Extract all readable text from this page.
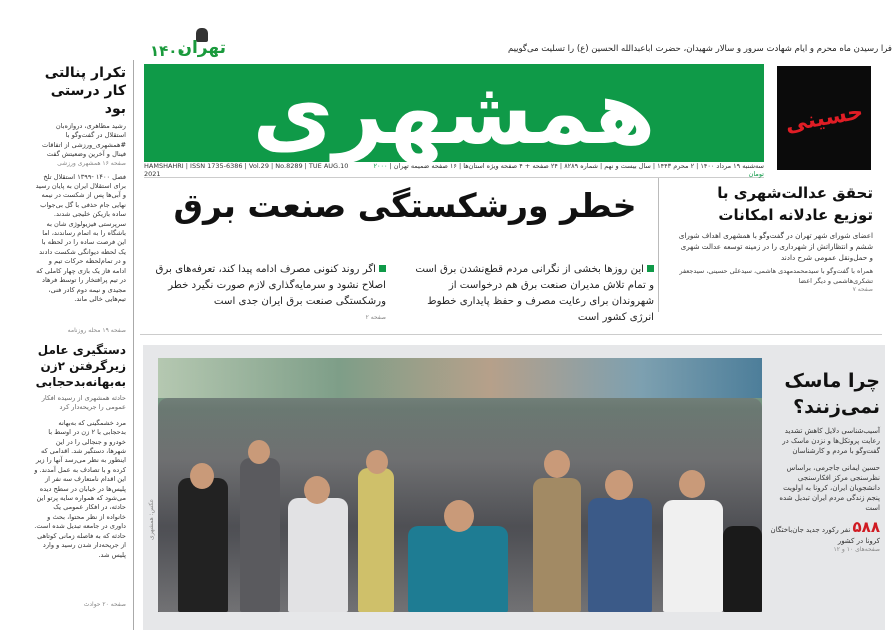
فرا رسیدن ماه محرم و ایام شهادت سرور و سالار شهیدان، حضرت اباعبدالله الحسین (ع) را تسلیت می‌گوییم
تهران
۱۴۰۰
همشهری	حسینی
HAMSHAHRI | ISSN 1735-6386 | Vol.29 | No.8289 | TUE AUG.10 2021
سه‌شنبه ۱۹ مرداد ۱۴۰۰ | ۲ محرم ۱۴۴۳ | سال بیست و نهم | شماره ۸۲۸۹ | ۲۴ صفحه + ۴ صفحه ویژه استان‌ها | ۱۶ صفحه ضمیمه تهران | ۲۰۰۰ تومان
تکرار پنالتی کار درستی بود
رشید مظاهری، دروازه‌بان استقلال در گفت‌وگو با #همشهری_ورزشی از اتفاقات فینال و آخرین وضعیتش گفت
صفحه ۱۶ همشهری ورزشی
فصل ۱۴۰۰ -۱۳۹۹ استقلال تلخ برای استقلال ایران به پایان رسید و آبی‌ها پس از شکست در نیمه نهایی جام حذفی با گل بی‌جواب ساده بازیکن خلیجی شدند. سرپرستی فیزیولوژی شان به باشگاه را به اتمام رساندند، اما این فرصت ساده را در لحظه با یک لحظه دیوانگی شکست دادند و در تمام‌لحظه حرکات تیم و ادامه فاز یک بازی چهار کاملی که در تیم پرافتخار را توسط فرهاد مجیدی و نیمه دوم کادر فنی، تیم‌هایی خالی ماند.
صفحه ۱۹ محله روزنامه
دستگیری عامل زیرگرفتن ۲زن به‌بهانه‌بدحجابی
حادثه همشهری از رسیده افکار عمومی را جریحه‌دار کرد
مرد خشمگینی که به‌بهانه بدحجابی با ۲ زن در اوسط با خودرو و جنجالی را در این شهرها، دستگیر شد. اقدامی که اینطور به نظر می‌رسد آنها را زیر کرده و با تصادف به عمل آمدند. و این اقدام نامتعارف سه نفر از پلیس‌ها در خیابان در سطح دیده می‌شود که همواره سایه پرتو این حادثه، در افکار عمومی یک خانواده از نظر محتوا، بحث و داوری در جامعه تبدیل شده است. حادثه که به فاصله زمانی کوتاهی از جریحه‌دار شدن رسید و وارد پلیس شد.
صفحه ۲۰ حوادث
خطر ورشکستگی صنعت برق
این روزها بخشی از نگرانی مردم قطع‌نشدن برق است و تمام تلاش مدیران صنعت برق هم درخواست از شهروندان برای رعایت مصرف و حفظ پایداری خطوط انرژی کشور است
اگر روند کنونی مصرف ادامه پیدا کند، تعرفه‌های برق اصلاح نشود و سرمایه‌گذاری لازم صورت نگیرد خطر ورشکستگی صنعت برق ایران جدی است
صفحه ۲
تحقق عدالت‌شهری با توزیع عادلانه امکانات
اعضای شورای شهر تهران در گفت‌وگو با همشهری اهداف شورای ششم و انتظاراتش از شهرداری را در زمینه توسعه عدالت شهری و حمل‌ونقل عمومی شرح دادند
همراه با گفت‌وگو با سیدمحمدمهدی هاشمی، سیدعلی حسینی، سیدجعفر تشکری‌هاشمی و دیگر اعضا
صفحه ۷
عکس: همشهری
چرا ماسک نمی‌زنند؟
آسیب‌شناسی دلایل کاهش تشدید رعایت پروتکل‌ها و نزدن ماسک در گفت‌وگو با مردم و کارشناسان
حسین ایمانی جاجرمی، براساس نظرسنجی مرکز افکارسنجی دانشجویان ایران، کرونا به اولویت پنجم زندگی مردم ایران تبدیل شده است
۵۸۸ نفر رکورد جدید جان‌باختگان کرونا در کشور
صفحه‌های ۱۰ و ۱۲
